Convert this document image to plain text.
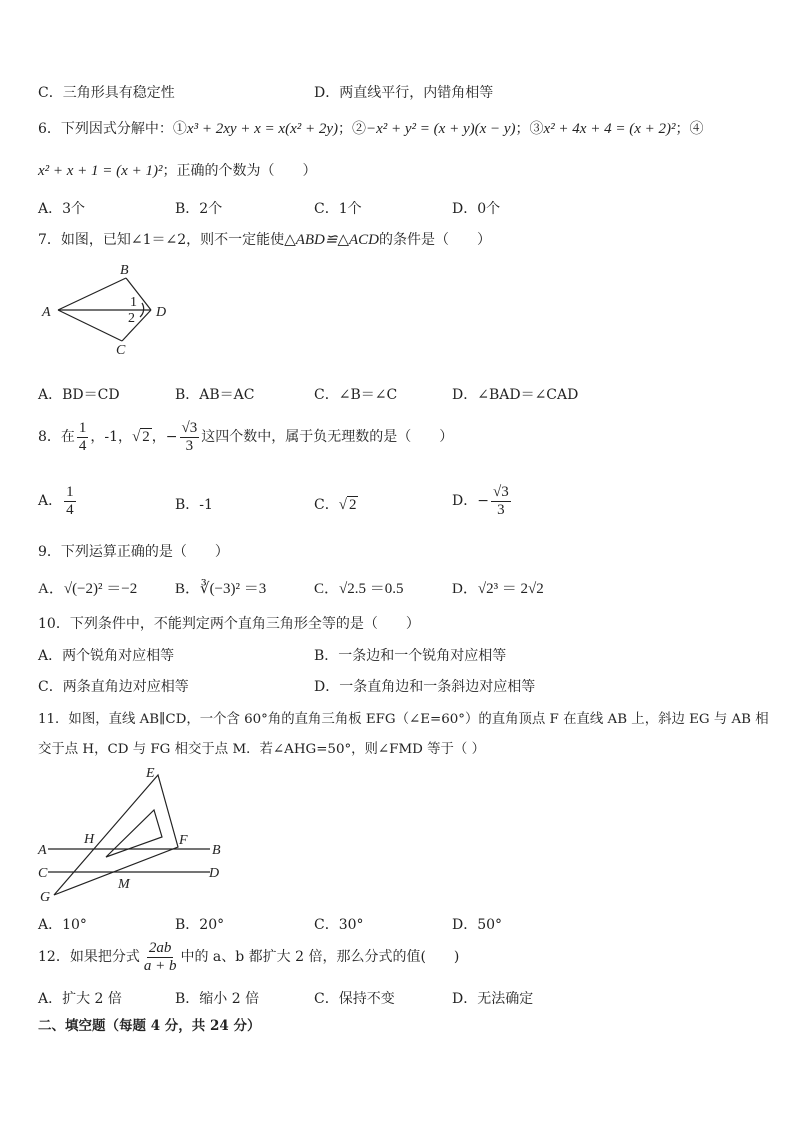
C．三角形具有稳定性	D．两直线平行，内错角相等
6．下列因式分解中：①x³ + 2xy + x = x(x² + 2y)；②−x² + y² = (x + y)(x − y)；③x² + 4x + 4 = (x + 2)²；④
x² + x + 1 = (x + 1)²；正确的个数为（　　）
A．3个	B．2个	C．1个	D．0个
7．如图，已知∠1＝∠2，则不一定能使△ABD≌△ACD的条件是（　　）
A
B
C
D
1
2
A．BD＝CD	B．AB＝AC	C．∠B＝∠C	D．∠BAD＝∠CAD
8．在 $\frac{1}{4}$ ，-1，√ 2 ，− $\frac{√3}{3}$ 这四个数中，属于负无理数的是（　　）
A． $\frac{1}{4}$	B．-1	C．√ 2	D．− $\frac{√3}{3}$
9．下列运算正确的是（　　）
A．√(−2)² ＝−2	B．∛(−3)² ＝3	C．√2.5 ＝0.5	D．√2³ ＝ 2√2
10．下列条件中，不能判定两个直角三角形全等的是（　　）
A．两个锐角对应相等	B．一条边和一个锐角对应相等
C．两条直角边对应相等	D．一条直角边和一条斜边对应相等
11．如图，直线 AB∥CD，一个含 60°角的直角三角板 EFG（∠E=60°）的直角顶点 F 在直线 AB 上，斜边 EG 与 AB 相
交于点 H，CD 与 FG 相交于点 M．若∠AHG=50°，则∠FMD 等于（ ）
A	B
C	D
E
F
G
H
M
A．10°	B．20°	C．30°	D．50°
12．如果把分式 $\frac{2ab}{a + b}$ 中的 a、b 都扩大 2 倍，那么分式的值(　　)
A．扩大 2 倍	B．缩小 2 倍	C．保持不变	D．无法确定
二、填空题（每题 4 分，共 24 分）
